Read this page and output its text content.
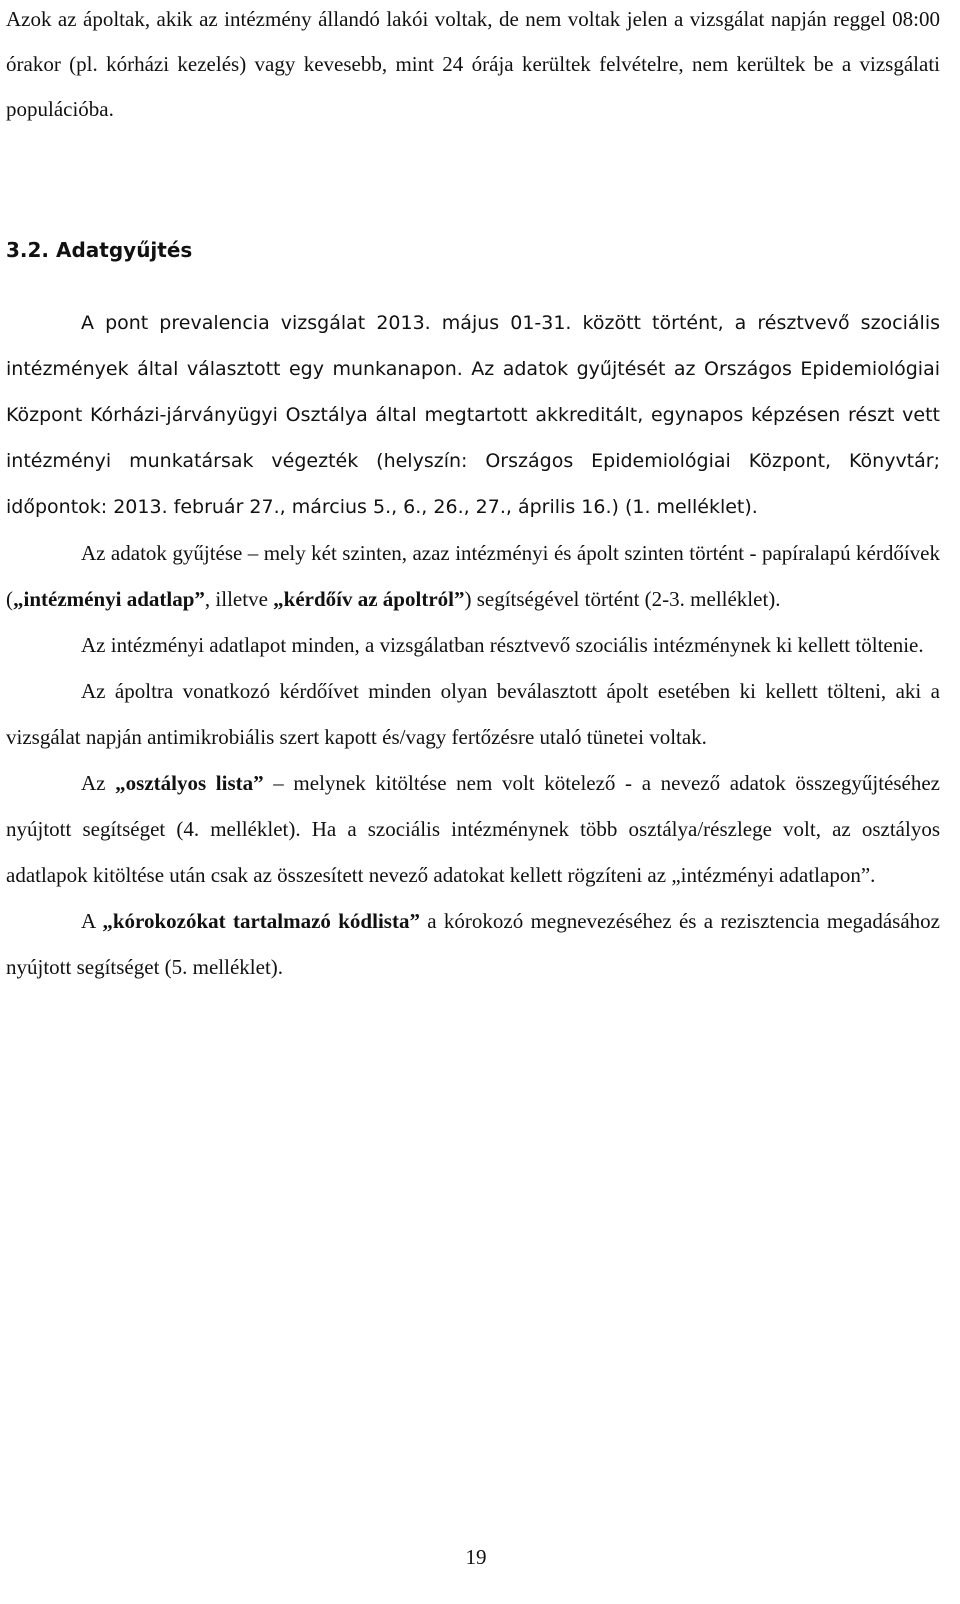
Azok az ápoltak, akik az intézmény állandó lakói voltak, de nem voltak jelen a vizsgálat napján reggel 08:00 órakor (pl. kórházi kezelés) vagy kevesebb, mint 24 órája kerültek felvételre, nem kerültek be a vizsgálati populációba.

3.2. Adatgyűjtés

A pont prevalencia vizsgálat 2013. május 01-31. között történt, a résztvevő szociális intézmények által választott egy munkanapon. Az adatok gyűjtését az Országos Epidemiológiai Központ Kórházi-járványügyi Osztálya által megtartott akkreditált, egynapos képzésen részt vett intézményi munkatársak végezték (helyszín: Országos Epidemiológiai Központ, Könyvtár; időpontok: 2013. február 27., március 5., 6., 26., 27., április 16.) (1. melléklet).

Az adatok gyűjtése – mely két szinten, azaz intézményi és ápolt szinten történt - papíralapú kérdőívek („intézményi adatlap”, illetve „kérdőív az ápoltról”) segítségével történt (2-3. melléklet).

Az intézményi adatlapot minden, a vizsgálatban résztvevő szociális intézménynek ki kellett töltenie.

Az ápoltra vonatkozó kérdőívet minden olyan beválasztott ápolt esetében ki kellett tölteni, aki a vizsgálat napján antimikrobiális szert kapott és/vagy fertőzésre utaló tünetei voltak.

Az „osztályos lista” – melynek kitöltése nem volt kötelező - a nevező adatok összegyűjtéséhez nyújtott segítséget (4. melléklet). Ha a szociális intézménynek több osztálya/részlege volt, az osztályos adatlapok kitöltése után csak az összesített nevező adatokat kellett rögzíteni az „intézményi adatlapon”.

A „kórokozókat tartalmazó kódlista” a kórokozó megnevezéséhez és a rezisztencia megadásához nyújtott segítséget (5. melléklet).

19
